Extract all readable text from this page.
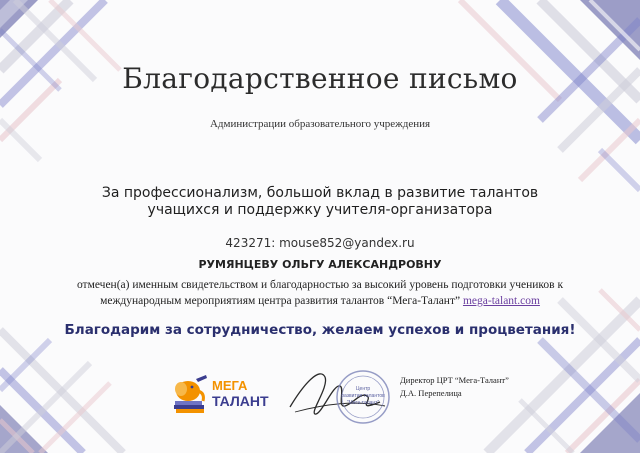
Благодарственное письмо
Администрации образовательного учреждения
За профессионализм, большой вклад в развитие талантов
учащихся и поддержку учителя-организатора
423271: mouse852@yandex.ru
РУМЯНЦЕВУ ОЛЬГУ АЛЕКСАНДРОВНУ
отмечен(а) именным свидетельством и благодарностью за высокий уровень подготовки учеников к
международным мероприятиям центра развития талантов “Мега-Талант” mega-talant.com
Благодарим за сотрудничество, желаем успехов и процветания!
МЕГА
ТАЛАНТ
Центр
развития талантов
"Мега-талант"
Директор ЦРТ “Мега-Талант”
Д.А. Перепелица
